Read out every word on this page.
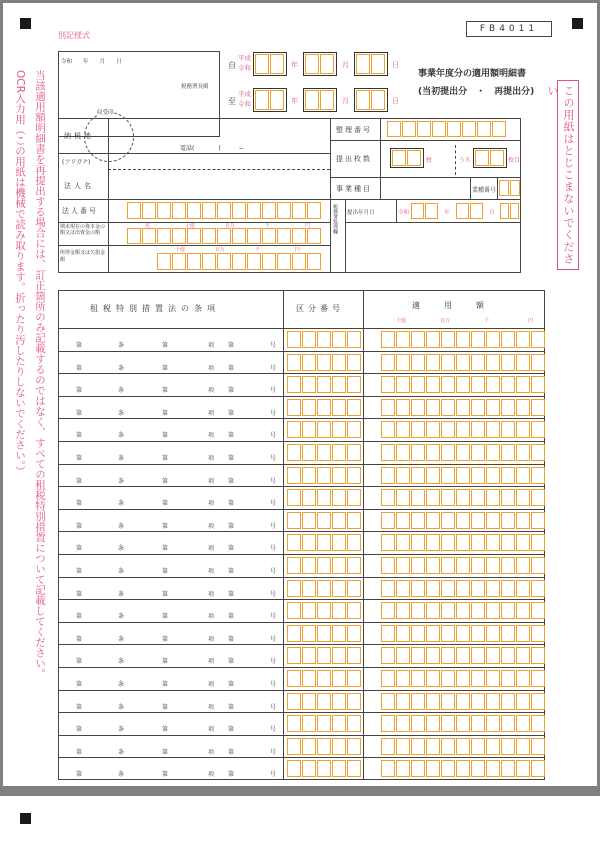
FB4011
別記様式
当該適用額明細書を再提出する場合には、訂正箇所のみ記載するのではなく、すべての租税特別措置について記載してください。
OCR入力用（この用紙は機械で読み取ります。折ったり汚したりしないでください。）	この用紙はとじこまないでください
令和　　年　　月　　日
税務署長殿
収受印
自
平成
令和	年	月	日
至
平成
令和	年	月	日
事業年度分の適用額明細書
(当初提出分　・　再提出分)
納税地
電話(　　　　)　　　−
(フリガナ)
法人名
法人番号
期末現在の資本金の額又は出資金の額
所得金額又は欠損金額
整理番号
提出枚数	枚	うち	枚目
事業種目	業種番号
税務署処理欄 提出年月日
兆	十億	百万	千	円
十億	百万	千	円
令和	年	月
十億	百万	千	円
租税特別措置法の条項	区分番号	適用額
第	条	第	項 第	号
第	条	第	項 第	号
第	条	第	項 第	号
第	条	第	項 第	号
第	条	第	項 第	号
第	条	第	項 第	号
第	条	第	項 第	号
第	条	第	項 第	号
第	条	第	項 第	号
第	条	第	項 第	号
第	条	第	項 第	号
第	条	第	項 第	号
第	条	第	項 第	号
第	条	第	項 第	号
第	条	第	項 第	号
第	条	第	項 第	号
第	条	第	項 第	号
第	条	第	項 第	号
第	条	第	項 第	号
第	条	第	項 第	号
